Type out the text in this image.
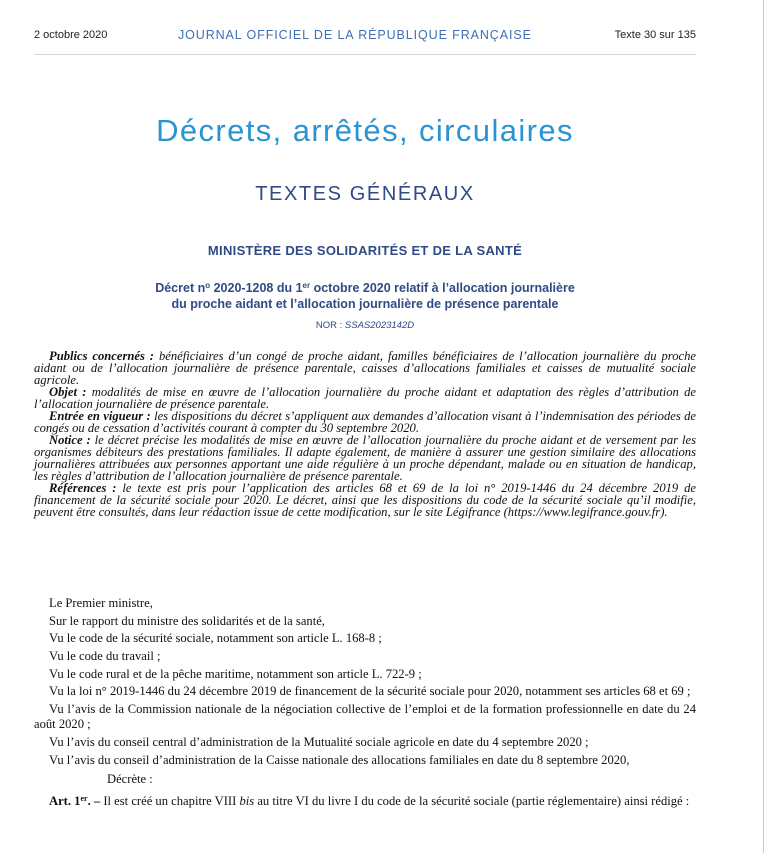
2 octobre 2020	JOURNAL OFFICIEL DE LA RÉPUBLIQUE FRANÇAISE	Texte 30 sur 135
Décrets, arrêtés, circulaires
TEXTES GÉNÉRAUX
MINISTÈRE DES SOLIDARITÉS ET DE LA SANTÉ
Décret $n^o$ 2020-1208 du 1er octobre 2020 relatif à l’allocation journalière
du proche aidant et l’allocation journalière de présence parentale
NOR : SSAS2023142D

Publics concernés : bénéficiaires d’un congé de proche aidant, familles bénéficiaires de l’allocation journalière du proche aidant ou de l’allocation journalière de présence parentale, caisses d’allocations familiales et caisses de mutualité sociale agricole.

Objet : modalités de mise en œuvre de l’allocation journalière du proche aidant et adaptation des règles d’attribution de l’allocation journalière de présence parentale.

Entrée en vigueur : les dispositions du décret s’appliquent aux demandes d’allocation visant à l’indemnisation des périodes de congés ou de cessation d’activités courant à compter du 30 septembre 2020.

Notice : le décret précise les modalités de mise en œuvre de l’allocation journalière du proche aidant et de versement par les organismes débiteurs des prestations familiales. Il adapte également, de manière à assurer une gestion similaire des allocations journalières attribuées aux personnes apportant une aide régulière à un proche dépendant, malade ou en situation de handicap, les règles d’attribution de l’allocation journalière de présence parentale.

Références : le texte est pris pour l’application des articles 68 et 69 de la loi n° 2019-1446 du 24 décembre 2019 de financement de la sécurité sociale pour 2020. Le décret, ainsi que les dispositions du code de la sécurité sociale qu’il modifie, peuvent être consultés, dans leur rédaction issue de cette modification, sur le site Légifrance (https://www.legifrance.gouv.fr).

Le Premier ministre,

Sur le rapport du ministre des solidarités et de la santé,

Vu le code de la sécurité sociale, notamment son article L. 168-8 ;

Vu le code du travail ;

Vu le code rural et de la pêche maritime, notamment son article L. 722-9 ;

Vu la loi n° 2019-1446 du 24 décembre 2019 de financement de la sécurité sociale pour 2020, notamment ses articles 68 et 69 ;

Vu l’avis de la Commission nationale de la négociation collective de l’emploi et de la formation professionnelle en date du 24 août 2020 ;

Vu l’avis du conseil central d’administration de la Mutualité sociale agricole en date du 4 septembre 2020 ;

Vu l’avis du conseil d’administration de la Caisse nationale des allocations familiales en date du 8 septembre 2020,

Décrète :

Art. 1er. – Il est créé un chapitre VIII bis au titre VI du livre I du code de la sécurité sociale (partie réglementaire) ainsi rédigé :
